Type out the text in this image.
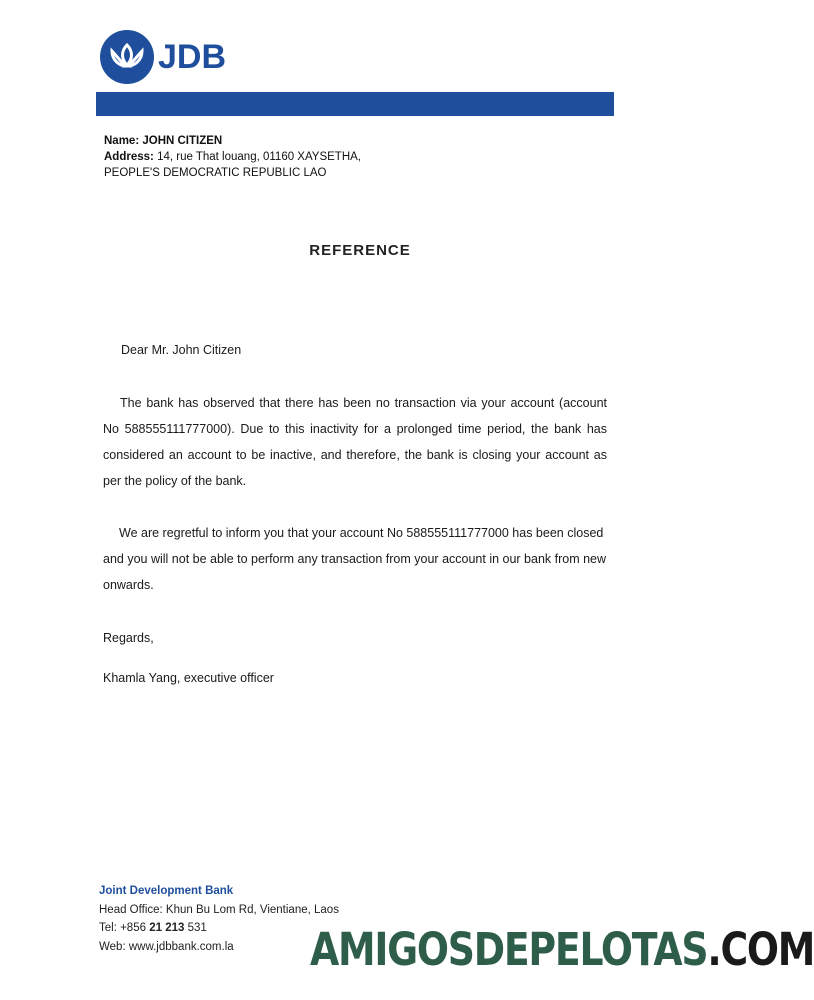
JDB
Name: JOHN CITIZEN
Address: 14, rue That louang, 01160 XAYSETHA,
PEOPLE'S DEMOCRATIC REPUBLIC LAO
REFERENCE
Dear Mr. John Citizen
The bank has observed that there has been no transaction via your account (account No 588555111777000). Due to this inactivity for a prolonged time period, the bank has considered an account to be inactive, and therefore, the bank is closing your account as per the policy of the bank.
We are regretful to inform you that your account No 588555111777000 has been closed and you will not be able to perform any transaction from your account in our bank from new onwards.
Regards,
Khamla Yang, executive officer
Joint Development Bank
Head Office: Khun Bu Lom Rd, Vientiane, Laos
Tel: +856 21 213 531
Web: www.jdbbank.com.la	AMIGOSDEPELOTAS.COM
